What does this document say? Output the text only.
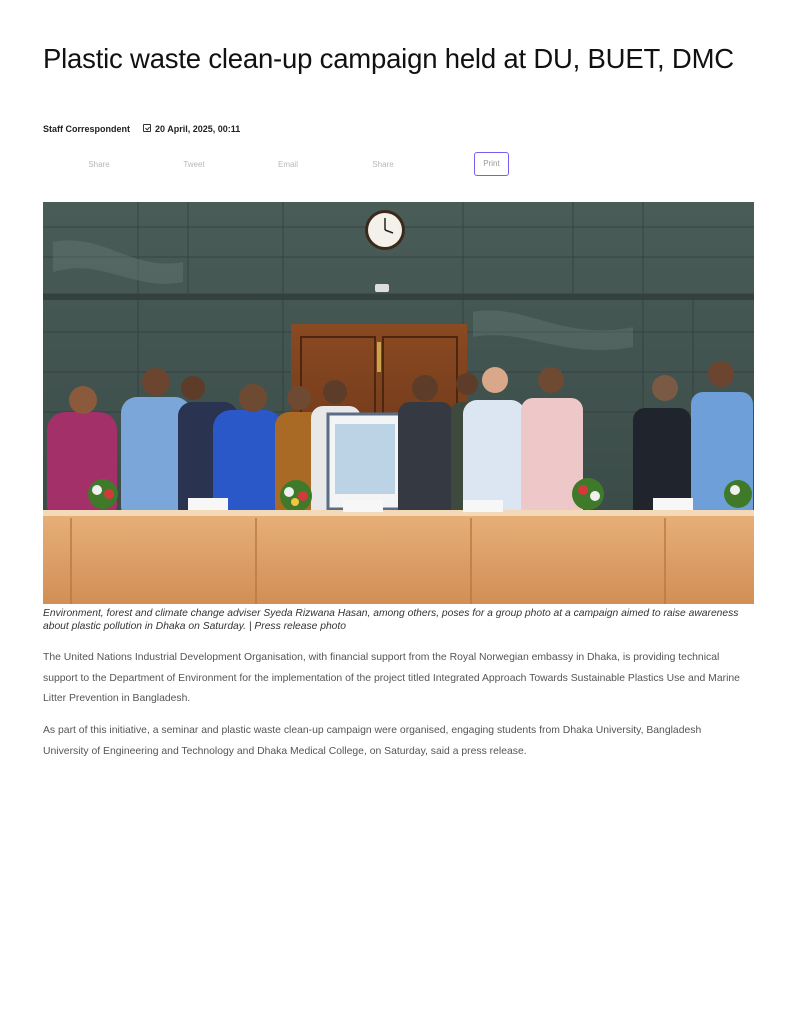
Plastic waste clean-up campaign held at DU, BUET, DMC
Staff Correspondent	20 April, 2025, 00:11
Share	Tweet	Email	Share	Print

Environment, forest and climate change adviser Syeda Rizwana Hasan, among others, poses for a group photo at a campaign aimed to raise awareness about plastic pollution in Dhaka on Saturday. | Press release photo

The United Nations Industrial Development Organisation, with financial support from the Royal Norwegian embassy in Dhaka, is providing technical support to the Department of Environment for the implementation of the project titled Integrated Approach Towards Sustainable Plastics Use and Marine Litter Prevention in Bangladesh.

As part of this initiative, a seminar and plastic waste clean-up campaign were organised, engaging students from Dhaka University, Bangladesh University of Engineering and Technology and Dhaka Medical College, on Saturday, said a press release.
